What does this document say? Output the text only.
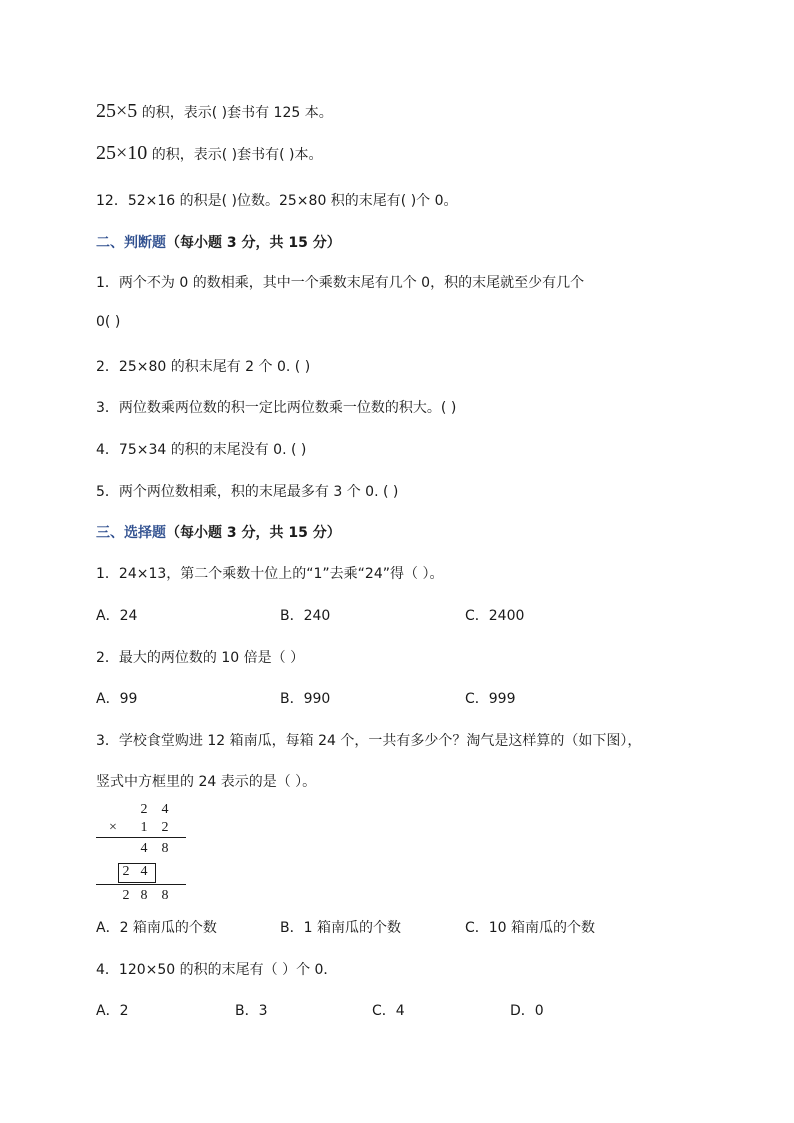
25×5 的积，表示( )套书有 125 本。
25×10 的积，表示( )套书有( )本。
12．52×16 的积是( )位数。25×80 积的末尾有( )个 0。
二、判断题（每小题 3 分，共 15 分）
1．两个不为 0 的数相乘，其中一个乘数末尾有几个 0，积的末尾就至少有几个
0( )
2．25×80 的积末尾有 2 个 0. ( )
3．两位数乘两位数的积一定比两位数乘一位数的积大。( )
4．75×34 的积的末尾没有 0. ( )
5．两个两位数相乘，积的末尾最多有 3 个 0. ( )
三、选择题（每小题 3 分，共 15 分）
1．24×13，第二个乘数十位上的“1”去乘“24”得（ ）。
A．24	B．240	C．2400
2．最大的两位数的 10 倍是（ ）
A．99	B．990	C．999
3．学校食堂购进 12 箱南瓜，每箱 24 个，一共有多少个？淘气是这样算的（如下图），
竖式中方框里的 24 表示的是（ ）。
2 4
× 1 2
4 8
2 4
2 8 8
A．2 箱南瓜的个数	B．1 箱南瓜的个数	C．10 箱南瓜的个数
4．120×50 的积的末尾有（ ）个 0．
A．2	B．3	C．4	D．0
